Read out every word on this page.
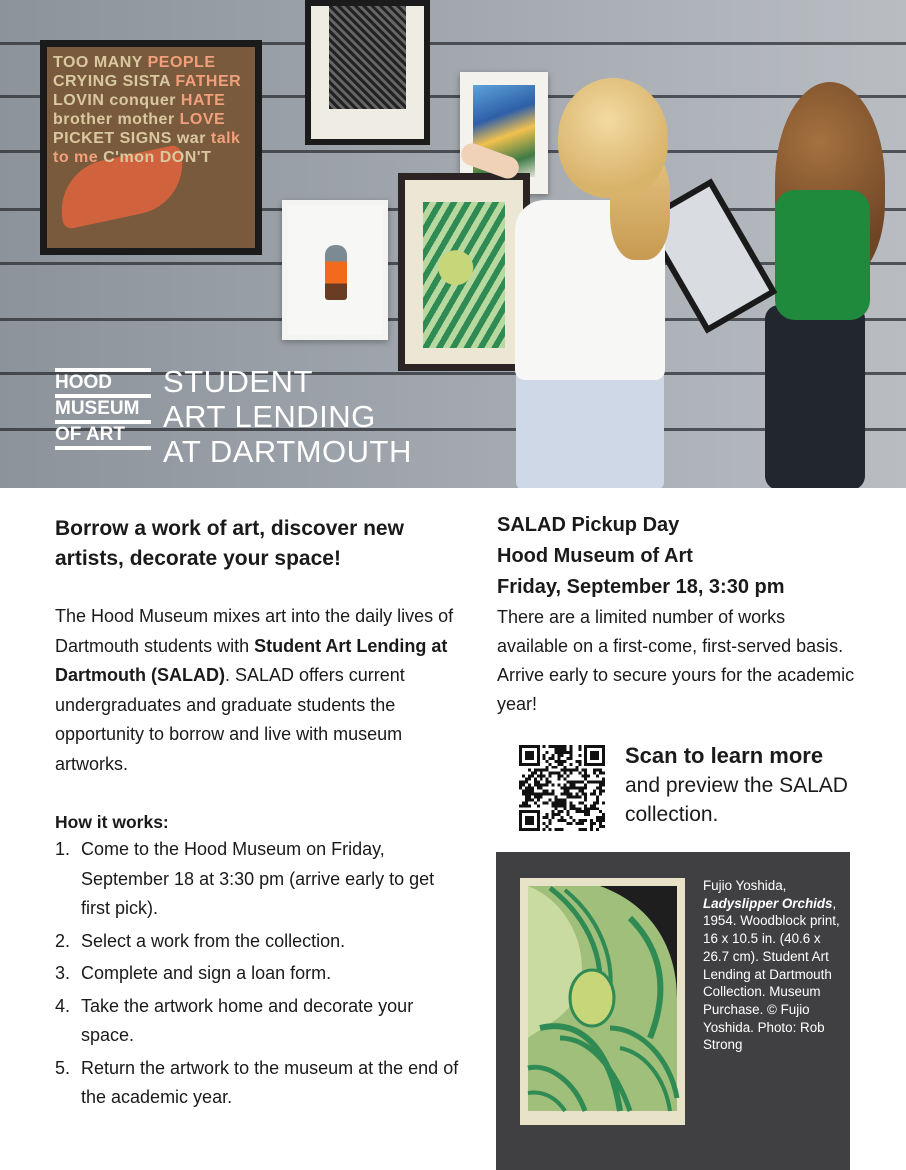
TOO MANY PEOPLE CRYING SISTA FATHER LOVIN conquer HATE brother mother LOVE PICKET SIGNS war talk to me C'mon DON'T
HOOD
MUSEUM
OF ART
STUDENT
ART LENDING
AT DARTMOUTH

Borrow a work of art, discover new artists, decorate your space!

The Hood Museum mixes art into the daily lives of Dartmouth students with Student Art Lending at Dartmouth (SALAD). SALAD offers current undergraduates and graduate students the opportunity to borrow and live with museum artworks.

How it works:

1. Come to the Hood Museum on Friday, September 18 at 3:30 pm (arrive early to get first pick).
2. Select a work from the collection.
3. Complete and sign a loan form.
4. Take the artwork home and decorate your space.
5. Return the artwork to the museum at the end of the academic year.

SALAD Pickup Day

Hood Museum of Art

Friday, September 18, 3:30 pm

There are a limited number of works available on a first-come, first-served basis. Arrive early to secure yours for the academic year!

Scan to learn more

and preview the SALAD collection.

Fujio Yoshida, Ladyslipper Orchids, 1954. Woodblock print, 16 x 10.5 in. (40.6 x 26.7 cm). Student Art Lending at Dartmouth Collection. Museum Purchase. © Fujio Yoshida. Photo: Rob Strong
